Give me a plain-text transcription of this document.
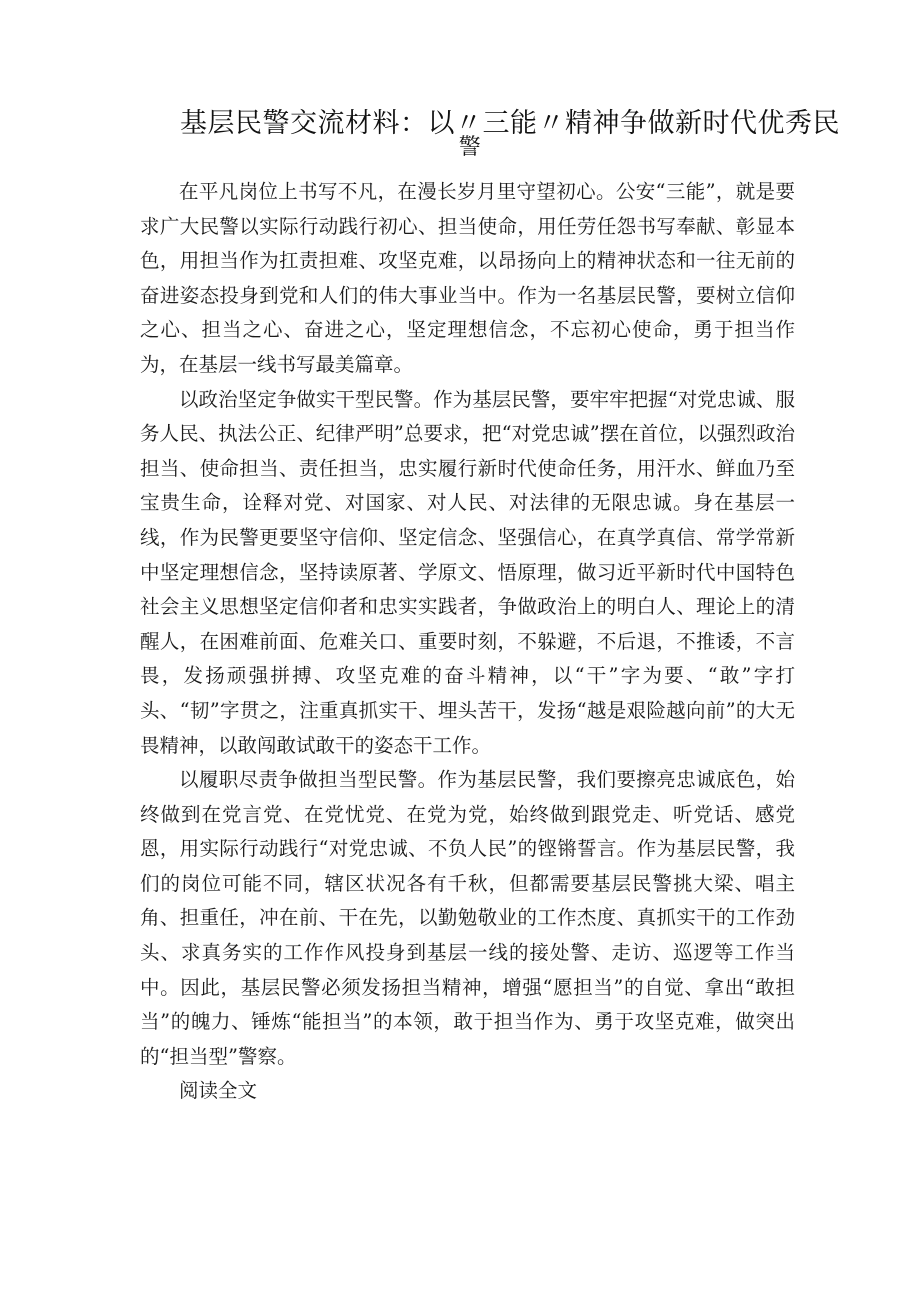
基层民警交流材料：以〃三能〃精神争做新时代优秀民
警

在平凡岗位上书写不凡，在漫长岁月里守望初心。公安“三能”，就是要求广大民警以实际行动践行初心、担当使命，用任劳任怨书写奉献、彰显本色，用担当作为扛责担难、攻坚克难，以昂扬向上的精神状态和一往无前的奋进姿态投身到党和人们的伟大事业当中。作为一名基层民警，要树立信仰之心、担当之心、奋进之心，坚定理想信念，不忘初心使命，勇于担当作为，在基层一线书写最美篇章。

以政治坚定争做实干型民警。作为基层民警，要牢牢把握“对党忠诚、服务人民、执法公正、纪律严明”总要求，把“对党忠诚”摆在首位，以强烈政治担当、使命担当、责任担当，忠实履行新时代使命任务，用汗水、鲜血乃至宝贵生命，诠释对党、对国家、对人民、对法律的无限忠诚。身在基层一线，作为民警更要坚守信仰、坚定信念、坚强信心，在真学真信、常学常新中坚定理想信念，坚持读原著、学原文、悟原理，做习近平新时代中国特色社会主义思想坚定信仰者和忠实实践者，争做政治上的明白人、理论上的清醒人，在困难前面、危难关口、重要时刻，不躲避，不后退，不推诿，不言畏，发扬顽强拼搏、攻坚克难的奋斗精神，以“干”字为要、“敢”字打头、“韧”字贯之，注重真抓实干、埋头苦干，发扬“越是艰险越向前”的大无畏精神，以敢闯敢试敢干的姿态干工作。

以履职尽责争做担当型民警。作为基层民警，我们要擦亮忠诚底色，始终做到在党言党、在党忧党、在党为党，始终做到跟党走、听党话、感党恩，用实际行动践行“对党忠诚、不负人民”的铿锵誓言。作为基层民警，我们的岗位可能不同，辖区状况各有千秋，但都需要基层民警挑大梁、唱主角、担重任，冲在前、干在先，以勤勉敬业的工作杰度、真抓实干的工作劲头、求真务实的工作作风投身到基层一线的接处警、走访、巡逻等工作当中。因此，基层民警必须发扬担当精神，增强“愿担当”的自觉、拿出“敢担当”的魄力、锤炼“能担当”的本领，敢于担当作为、勇于攻坚克难，做突出的“担当型”警察。

阅读全文
